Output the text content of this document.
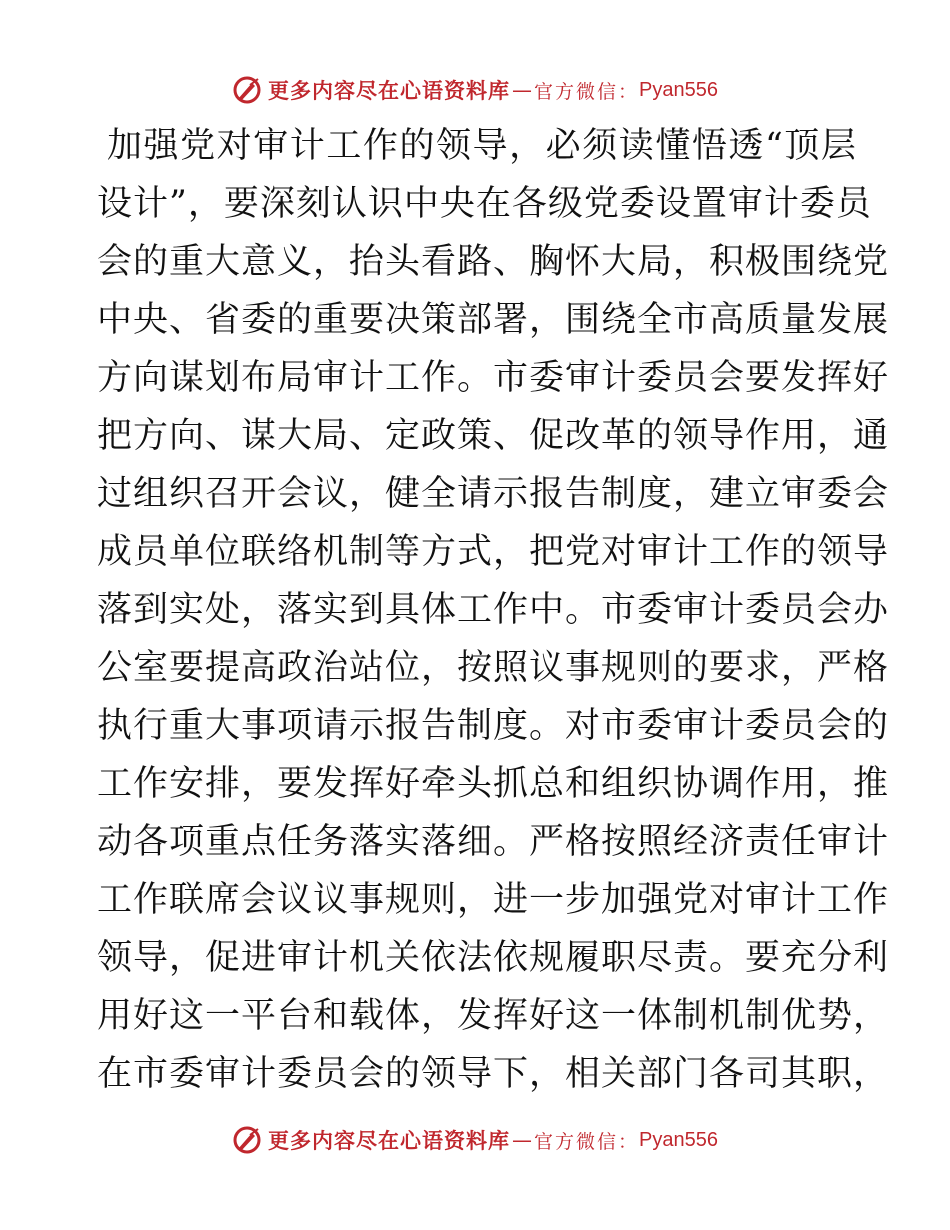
更多内容尽在心语资料库 — 官方微信： Pyan556
加强党对审计工作的领导，必须读懂悟透“顶层
设计”，要深刻认识中央在各级党委设置审计委员
会的重大意义，抬头看路、胸怀大局，积极围绕党
中央、省委的重要决策部署，围绕全市高质量发展
方向谋划布局审计工作。市委审计委员会要发挥好
把方向、谋大局、定政策、促改革的领导作用，通
过组织召开会议，健全请示报告制度，建立审委会
成员单位联络机制等方式，把党对审计工作的领导
落到实处，落实到具体工作中。市委审计委员会办
公室要提高政治站位，按照议事规则的要求，严格
执行重大事项请示报告制度。对市委审计委员会的
工作安排，要发挥好牵头抓总和组织协调作用，推
动各项重点任务落实落细。严格按照经济责任审计
工作联席会议议事规则，进一步加强党对审计工作
领导，促进审计机关依法依规履职尽责。要充分利
用好这一平台和载体，发挥好这一体制机制优势，
在市委审计委员会的领导下，相关部门各司其职，
更多内容尽在心语资料库 — 官方微信： Pyan556
